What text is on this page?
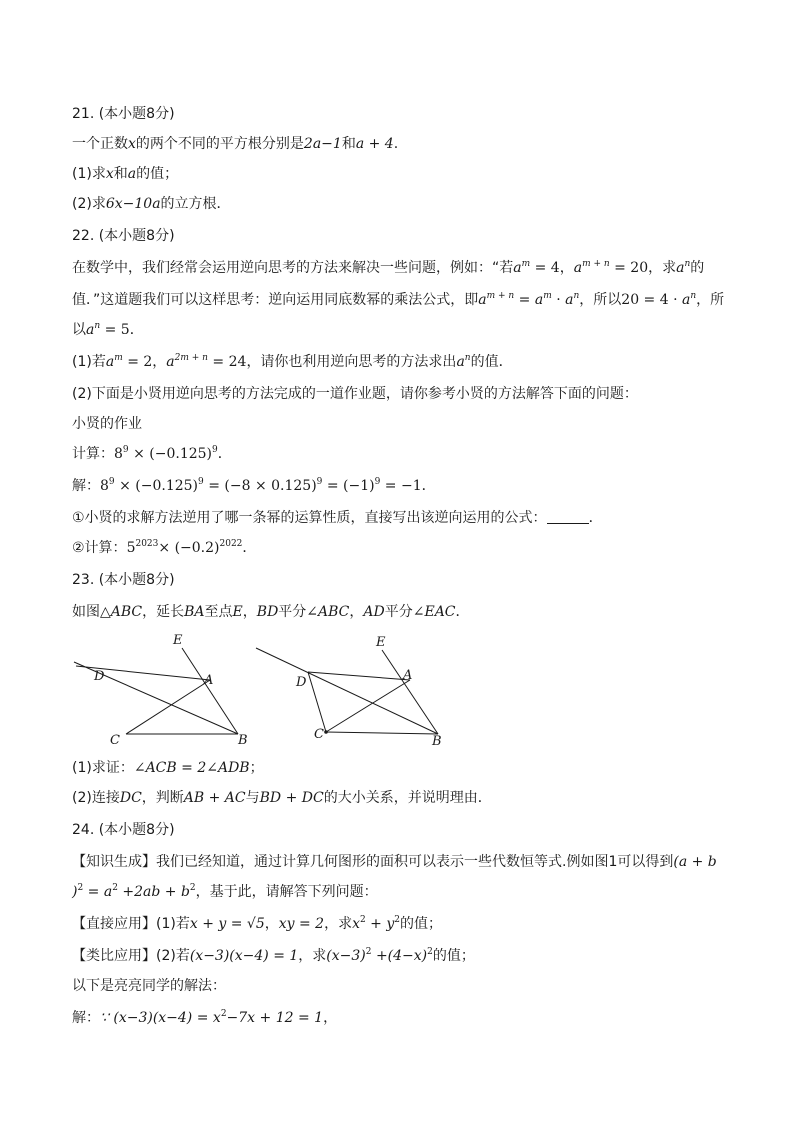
21. (本小题8分)
一个正数x的两个不同的平方根分别是2a−1和a + 4.
(1)求x和a的值；
(2)求6x−10a的立方根．
22. (本小题8分)
在数学中，我们经常会运用逆向思考的方法来解决一些问题，例如：“若$a^m = 4$，$a^{m + n} = 20$，求$a^n$的
值．”这道题我们可以这样思考：逆向运用同底数幂的乘法公式，即$a^{m + n} = a^m \cdot a^n$，所以$20 = 4 \cdot a^n$，所
以$a^n = 5$．
(1)若$a^m = 2$，$a^{2m + n} = 24$，请你也利用逆向思考的方法求出$a^n$的值．
(2)下面是小贤用逆向思考的方法完成的一道作业题，请你参考小贤的方法解答下面的问题：
小贤的作业
计算：$8^9 \times (-0.125)^9$．
解：$8^9 \times (-0.125)^9 = (-8 \times 0.125)^9 = (-1)^9 = -1$．
①小贤的求解方法逆用了哪一条幂的运算性质，直接写出该逆向运用的公式：	．
②计算：$5^{2023}\times (-0.2)^{2022}$．
23. (本小题8分)
如图△ABC，延长BA至点E，BD平分∠ABC，AD平分∠EAC．
E
D	A
C	B
E
D	A
C	B
(1)求证：∠ACB = 2∠ADB；
(2)连接DC，判断AB + AC与BD + DC的大小关系，并说明理由．
24. (本小题8分)
【知识生成】我们已经知道，通过计算几何图形的面积可以表示一些代数恒等式.例如图1可以得到(a + b
)$^2 = a^2 +2ab + b^2$，基于此，请解答下列问题：
【直接应用】(1)若x + y = √5，xy = 2，求$x^2 + y^2$的值；
【类比应用】(2)若(x−3)(x−4) = 1，求$(x-3)^2 +(4-x)^2$的值；
以下是亮亮同学的解法：
解：∵ $(x-3)(x-4) = x^2-7x + 12 = 1$，
